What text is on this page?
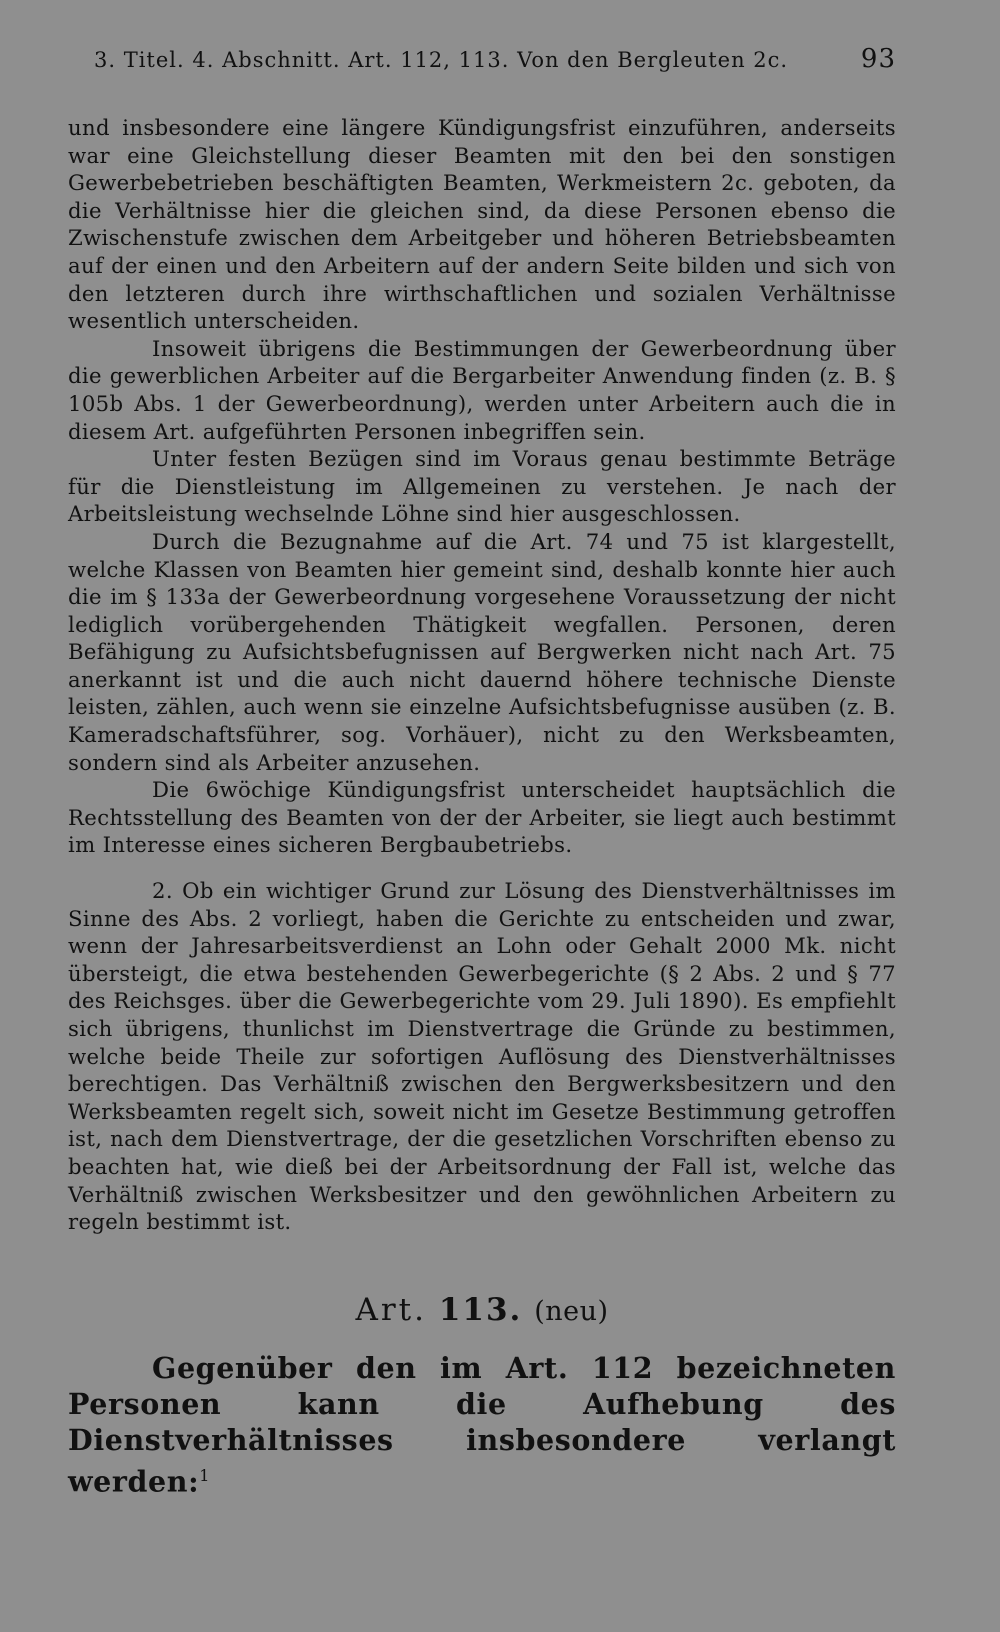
3. Titel. 4. Abschnitt. Art. 112, 113. Von den Bergleuten 2c.	93

und insbesondere eine längere Kündigungsfrist einzuführen, anderseits war eine Gleichstellung dieser Beamten mit den bei den sonstigen Gewerbebetrieben beschäftigten Beamten, Werkmeistern 2c. geboten, da die Verhältnisse hier die gleichen sind, da diese Personen ebenso die Zwischenstufe zwischen dem Arbeitgeber und höheren Betriebsbeamten auf der einen und den Arbeitern auf der andern Seite bilden und sich von den letzteren durch ihre wirthschaftlichen und sozialen Verhältnisse wesentlich unterscheiden.

Insoweit übrigens die Bestimmungen der Gewerbeordnung über die gewerblichen Arbeiter auf die Bergarbeiter Anwendung finden (z. B. § 105b Abs. 1 der Gewerbeordnung), werden unter Arbeitern auch die in diesem Art. aufgeführten Personen inbegriffen sein.

Unter festen Bezügen sind im Voraus genau bestimmte Beträge für die Dienstleistung im Allgemeinen zu verstehen. Je nach der Arbeitsleistung wechselnde Löhne sind hier ausgeschlossen.

Durch die Bezugnahme auf die Art. 74 und 75 ist klargestellt, welche Klassen von Beamten hier gemeint sind, deshalb konnte hier auch die im § 133a der Gewerbeordnung vorgesehene Voraussetzung der nicht lediglich vorübergehenden Thätigkeit wegfallen. Personen, deren Befähigung zu Aufsichtsbefugnissen auf Bergwerken nicht nach Art. 75 anerkannt ist und die auch nicht dauernd höhere technische Dienste leisten, zählen, auch wenn sie einzelne Aufsichtsbefugnisse ausüben (z. B. Kameradschaftsführer, sog. Vorhäuer), nicht zu den Werksbeamten, sondern sind als Arbeiter anzusehen.

Die 6wöchige Kündigungsfrist unterscheidet hauptsächlich die Rechtsstellung des Beamten von der der Arbeiter, sie liegt auch bestimmt im Interesse eines sicheren Bergbaubetriebs.

2. Ob ein wichtiger Grund zur Lösung des Dienstverhältnisses im Sinne des Abs. 2 vorliegt, haben die Gerichte zu entscheiden und zwar, wenn der Jahresarbeitsverdienst an Lohn oder Gehalt 2000 Mk. nicht übersteigt, die etwa bestehenden Gewerbegerichte (§ 2 Abs. 2 und § 77 des Reichsges. über die Gewerbegerichte vom 29. Juli 1890). Es empfiehlt sich übrigens, thunlichst im Dienstvertrage die Gründe zu bestimmen, welche beide Theile zur sofortigen Auflösung des Dienstverhältnisses berechtigen. Das Verhältniß zwischen den Bergwerksbesitzern und den Werksbeamten regelt sich, soweit nicht im Gesetze Bestimmung getroffen ist, nach dem Dienstvertrage, der die gesetzlichen Vorschriften ebenso zu beachten hat, wie dieß bei der Arbeitsordnung der Fall ist, welche das Verhältniß zwischen Werksbesitzer und den gewöhnlichen Arbeitern zu regeln bestimmt ist.

Art. 113. (neu)

Gegenüber den im Art. 112 bezeichneten Personen kann die Aufhebung des Dienstverhältnisses insbesondere verlangt werden:$^1$
